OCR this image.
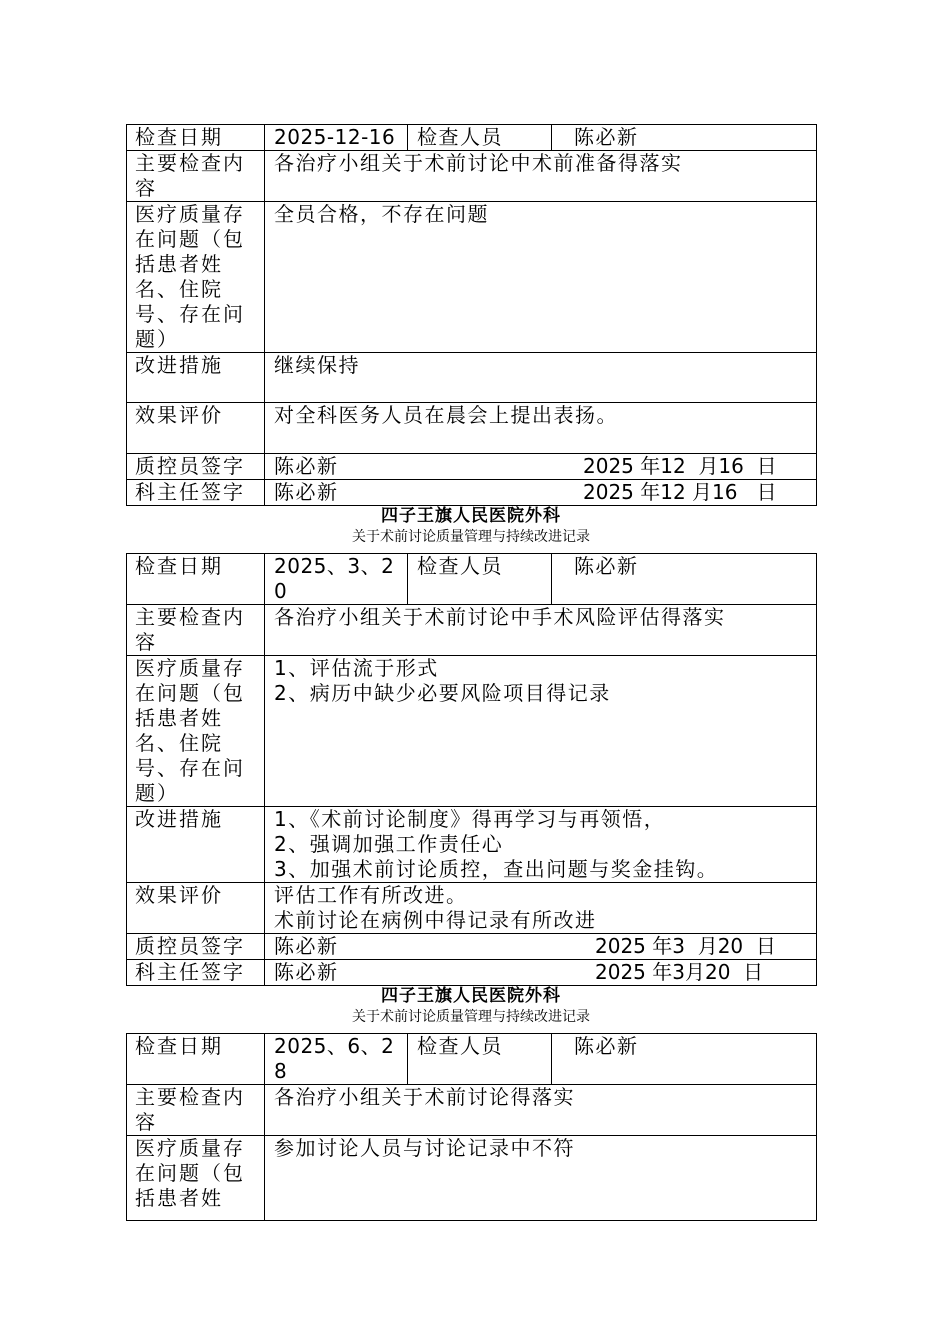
检查日期	2025-12-16	检查人员	陈必新
主要检查内容	各治疗小组关于术前讨论中术前准备得落实		
医疗质量存在问题（包括患者姓名、住院号、存在问题）	全员合格，不存在问题		

改进措施	继续保持		

效果评价	对全科医务人员在晨会上提出表扬。		

质控员签字	陈必新 2025 年12  月16  日		

科主任签字	陈必新 2025 年12 月16   日		
四子王旗人民医院外科
关于术前讨论质量管理与持续改进记录
检查日期	2025、3、20	检查人员	陈必新
主要检查内容	各治疗小组关于术前讨论中手术风险评估得落实		
医疗质量存在问题（包括患者姓名、住院号、存在问题）	1、评估流于形式
2、病历中缺少必要风险项目得记录		

改进措施	1、《术前讨论制度》得再学习与再领悟，
2、强调加强工作责任心
3、加强术前讨论质控，查出问题与奖金挂钩。		

效果评价	评估工作有所改进。
术前讨论在病例中得记录有所改进		

质控员签字	陈必新 2025 年3  月20  日		

科主任签字	陈必新 2025 年3月20  日		
四子王旗人民医院外科
关于术前讨论质量管理与持续改进记录
检查日期	2025、6、28	检查人员	陈必新
主要检查内容	各治疗小组关于术前讨论得落实		
医疗质量存在问题（包括患者姓	参加讨论人员与讨论记录中不符		
